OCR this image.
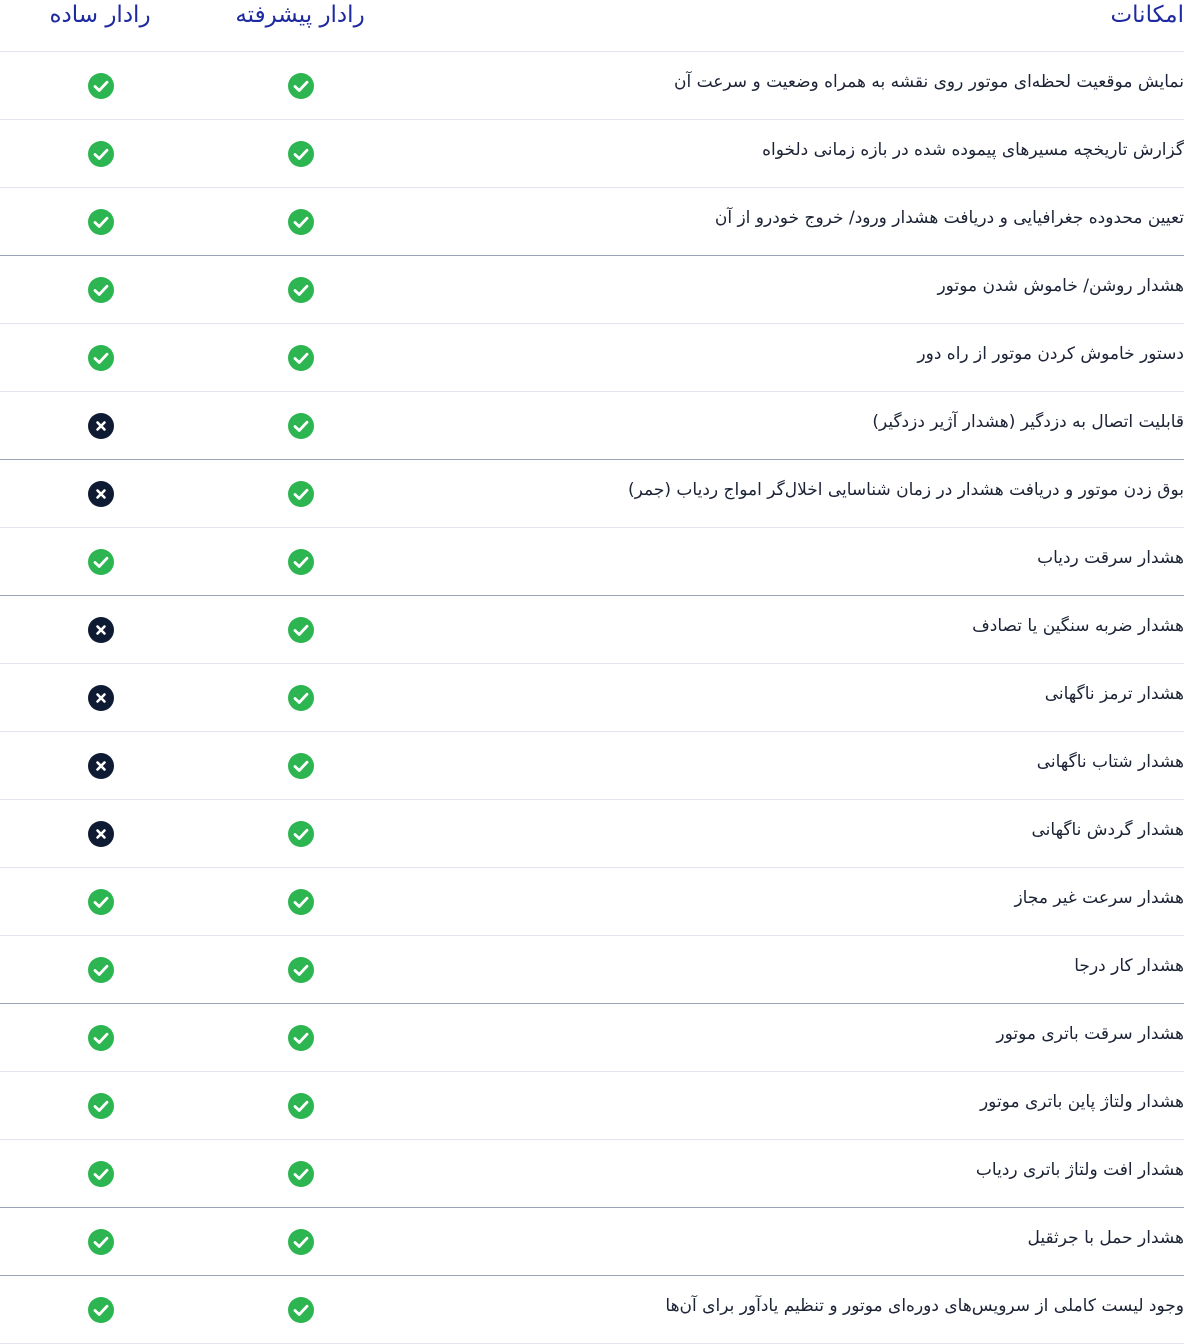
امکانات
رادار پیشرفته
رادار ساده
نمایش موقعیت لحظه‌ای موتور روی نقشه به همراه وضعیت و سرعت آن
گزارش تاریخچه مسیرهای پیموده شده در بازه زمانی دلخواه
تعیین محدوده جغرافیایی و دریافت هشدار ورود/ خروج خودرو از آن
هشدار روشن/ خاموش شدن موتور
دستور خاموش کردن موتور از راه دور
قابلیت اتصال به دزدگیر (هشدار آژیر دزدگیر)
بوق زدن موتور و دریافت هشدار در زمان شناسایی اخلال‌گر امواج ردیاب (جمر)
هشدار سرقت ردیاب
هشدار ضربه سنگین یا تصادف
هشدار ترمز ناگهانی
هشدار شتاب ناگهانی
هشدار گردش ناگهانی
هشدار سرعت غیر مجاز
هشدار کار درجا
هشدار سرقت باتری موتور
هشدار ولتاژ پاین باتری موتور
هشدار افت ولتاژ باتری ردیاب
هشدار حمل با جرثقیل
وجود لیست کاملی از سرویس‌های دوره‌ای موتور و تنظیم یادآور برای آن‌ها
